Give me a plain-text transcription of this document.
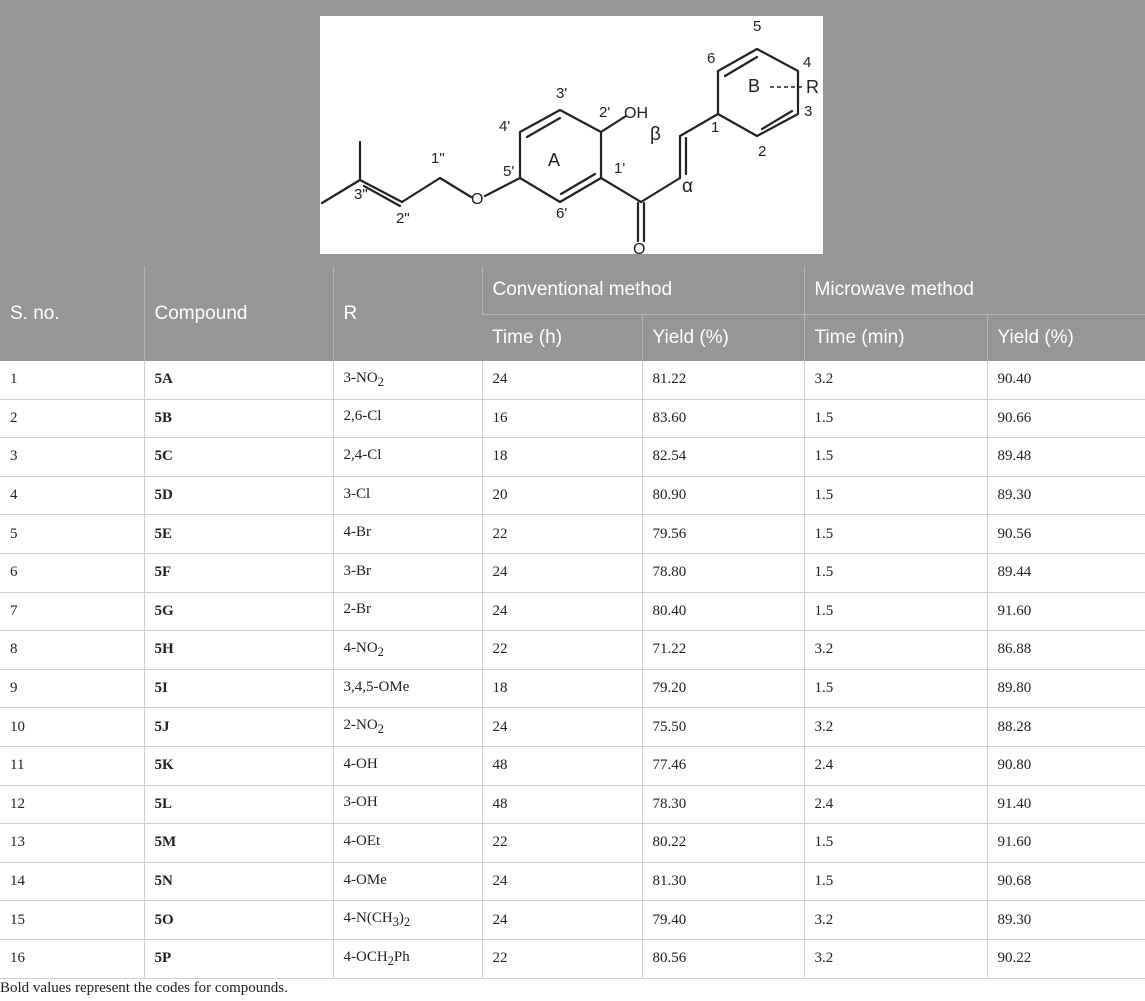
A
B	R
OH
O
O
β
α
1
2
3
4
5
6
1'
2'
3'
4'
5'
6'
1"
2"
3"
S. no.	Compound	R	Conventional method		Microwave method	
			Time (h)	Yield (%)	Time (min)	Yield (%)
1	5A	$3-NO_2$	24	81.22	3.2	90.40
2	5B	2,6-Cl	16	83.60	1.5	90.66
3	5C	2,4-Cl	18	82.54	1.5	89.48
4	5D	3-Cl	20	80.90	1.5	89.30
5	5E	4-Br	22	79.56	1.5	90.56
6	5F	3-Br	24	78.80	1.5	89.44
7	5G	2-Br	24	80.40	1.5	91.60
8	5H	$4-NO_2$	22	71.22	3.2	86.88
9	5I	3,4,5-OMe	18	79.20	1.5	89.80
10	5J	$2-NO_2$	24	75.50	3.2	88.28
11	5K	4-OH	48	77.46	2.4	90.80
12	5L	3-OH	48	78.30	2.4	91.40
13	5M	4-OEt	22	80.22	1.5	91.60
14	5N	4-OMe	24	81.30	1.5	90.68
15	5O	$4-N(CH_3)_2$	24	79.40	3.2	89.30
16	5P	$4-OCH_2Ph$	22	80.56	3.2	90.22
Bold values represent the codes for compounds.
